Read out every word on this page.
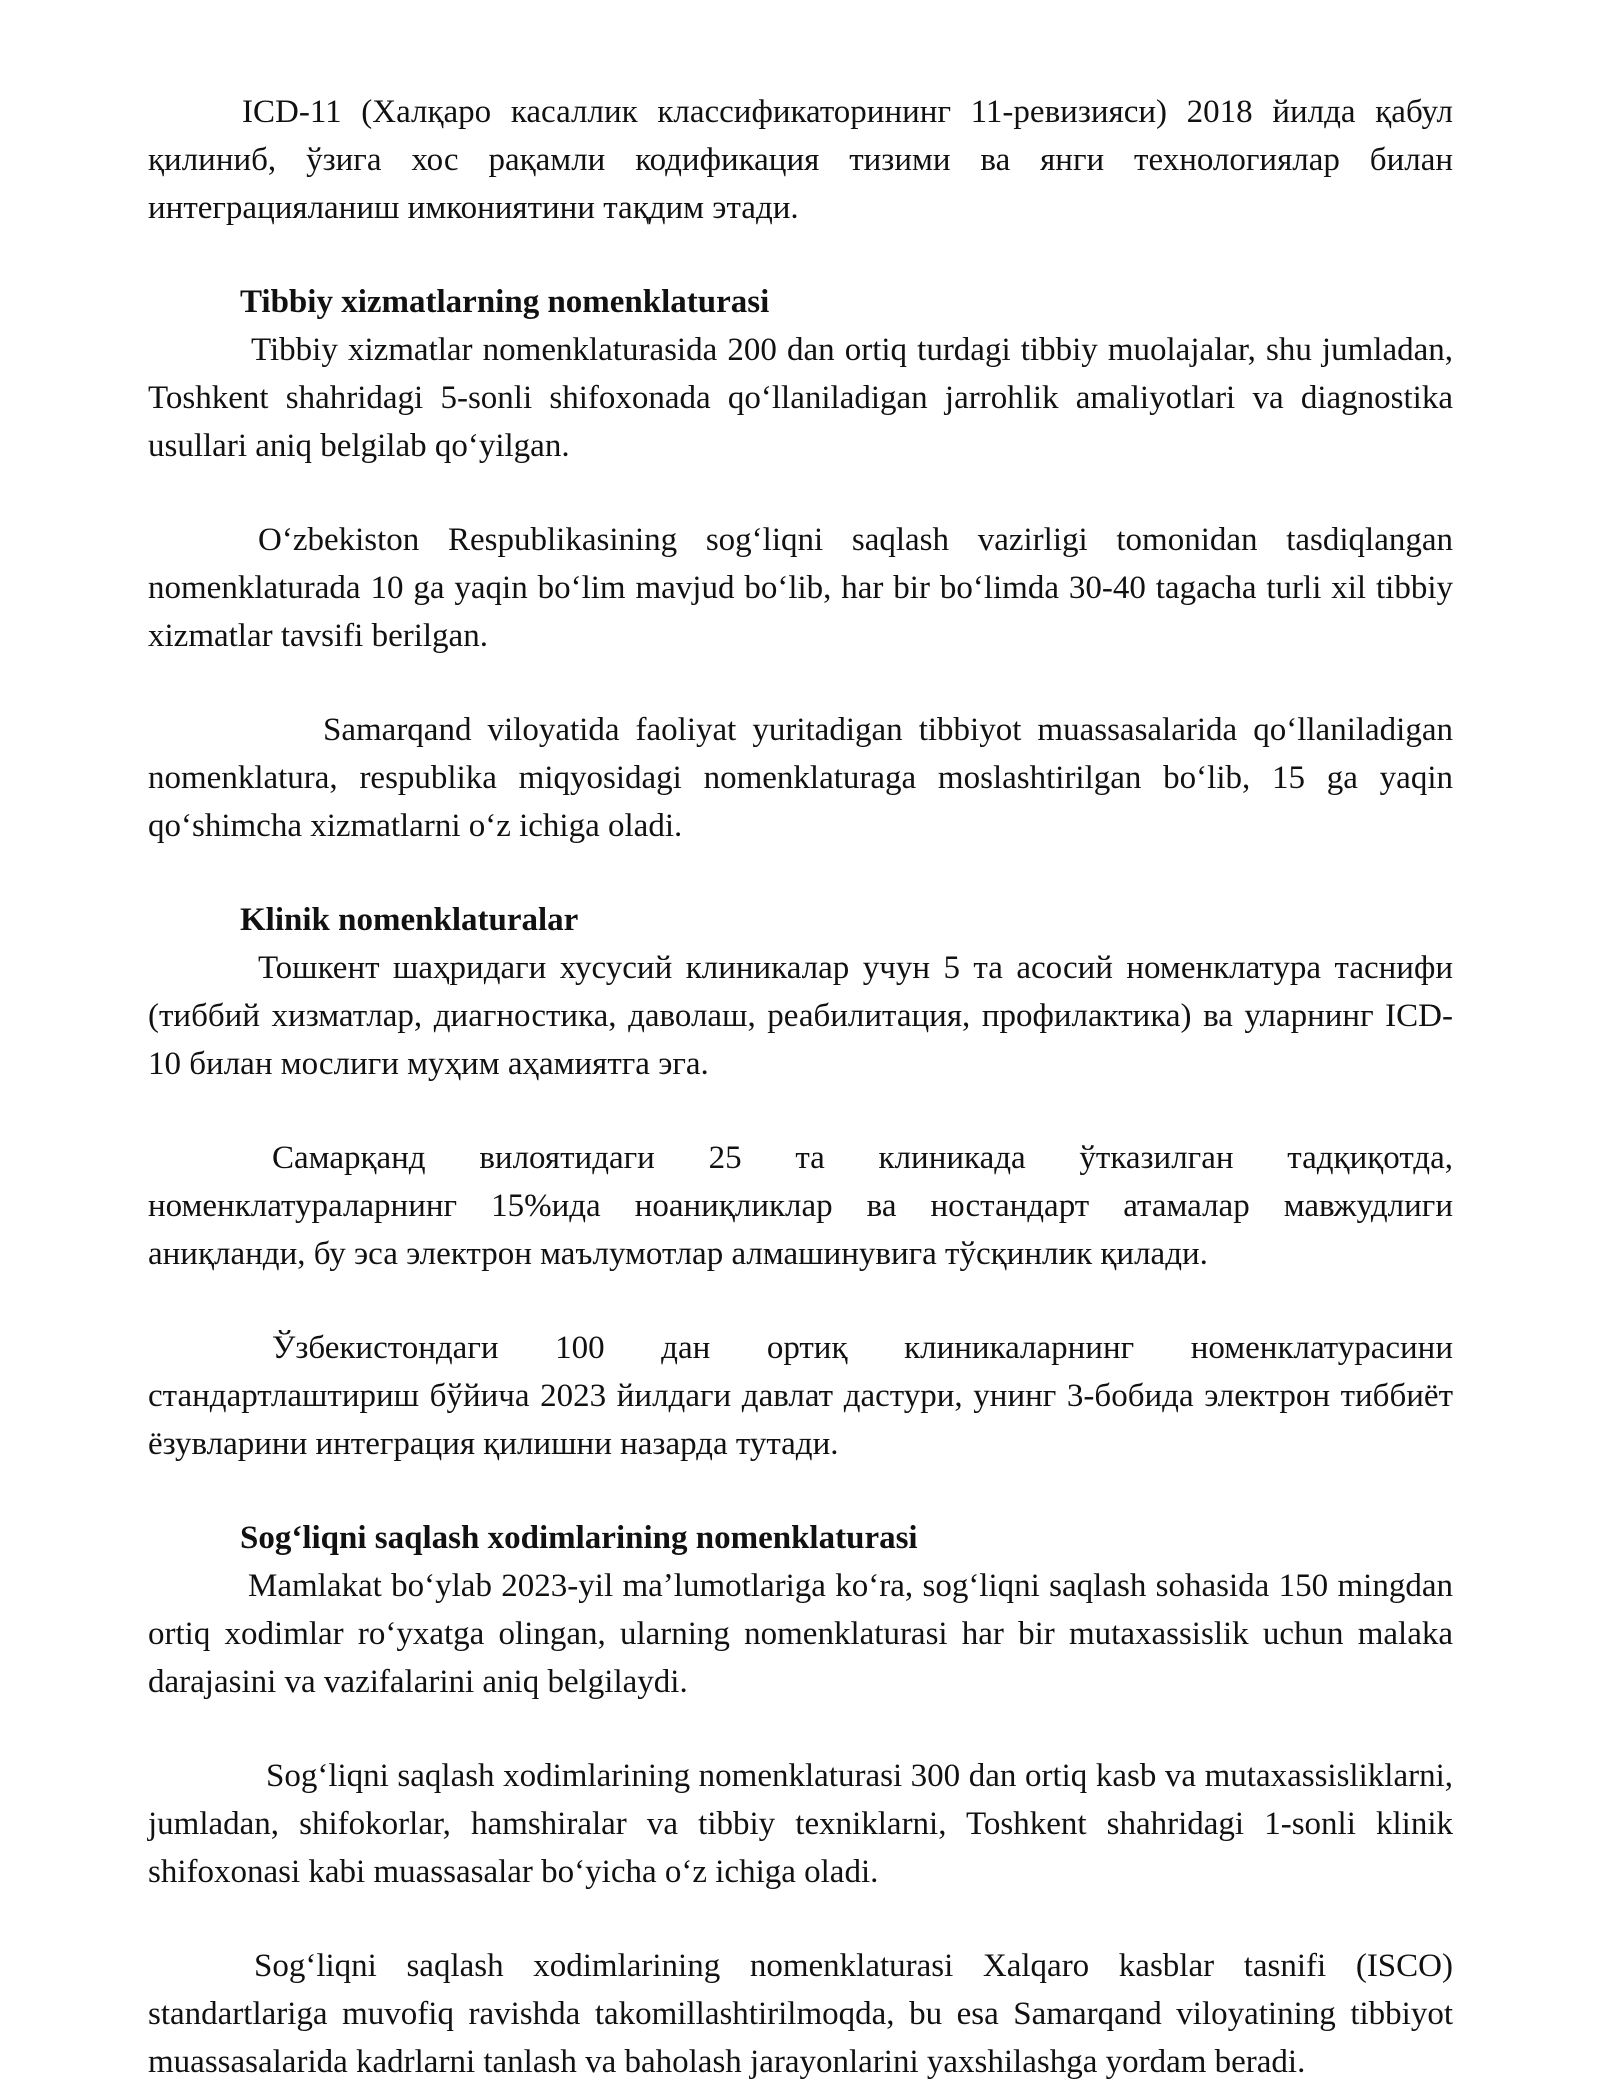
ICD-11 (Халқаро касаллик классификаторининг 11-ревизияси) 2018 йилда қабул қилиниб, ўзига хос рақамли кодификация тизими ва янги технологиялар билан интеграцияланиш имкониятини тақдим этади.

Tibbiy xizmatlarning nomenklaturasi

Tibbiy xizmatlar nomenklaturasida 200 dan ortiq turdagi tibbiy muolajalar, shu jumladan, Toshkent shahridagi 5-sonli shifoxonada qoʻllaniladigan jarrohlik amaliyotlari va diagnostika usullari aniq belgilab qoʻyilgan.

Oʻzbekiston Respublikasining sogʻliqni saqlash vazirligi tomonidan tasdiqlangan nomenklaturada 10 ga yaqin boʻlim mavjud boʻlib, har bir boʻlimda 30-40 tagacha turli xil tibbiy xizmatlar tavsifi berilgan.

Samarqand viloyatida faoliyat yuritadigan tibbiyot muassasalarida qoʻllaniladigan nomenklatura, respublika miqyosidagi nomenklaturaga moslashtirilgan boʻlib, 15 ga yaqin qoʻshimcha xizmatlarni oʻz ichiga oladi.

Klinik nomenklaturalar

Тошкент шаҳридаги хусусий клиникалар учун 5 та асосий номенклатура таснифи (тиббий хизматлар, диагностика, даволаш, реабилитация, профилактика) ва уларнинг ICD-10 билан мослиги муҳим аҳамиятга эга.

Самарқанд вилоятидаги 25 та клиникада ўтказилган тадқиқотда, номенклатураларнинг 15%ида ноаниқликлар ва ностандарт атамалар мавжудлиги аниқланди, бу эса электрон маълумотлар алмашинувига тўсқинлик қилади.

Ўзбекистондаги 100 дан ортиқ клиникаларнинг номенклатурасини стандартлаштириш бўйича 2023 йилдаги давлат дастури, унинг 3-бобида электрон тиббиёт ёзувларини интеграция қилишни назарда тутади.

Sogʻliqni saqlash xodimlarining nomenklaturasi

Mamlakat boʻylab 2023-yil maʼlumotlariga koʻra, sogʻliqni saqlash sohasida 150 mingdan ortiq xodimlar roʻyxatga olingan, ularning nomenklaturasi har bir mutaxassislik uchun malaka darajasini va vazifalarini aniq belgilaydi.

Sogʻliqni saqlash xodimlarining nomenklaturasi 300 dan ortiq kasb va mutaxassisliklarni, jumladan, shifokorlar, hamshiralar va tibbiy texniklarni, Toshkent shahridagi 1-sonli klinik shifoxonasi kabi muassasalar boʻyicha oʻz ichiga oladi.

Sogʻliqni saqlash xodimlarining nomenklaturasi Xalqaro kasblar tasnifi (ISCO) standartlariga muvofiq ravishda takomillashtirilmoqda, bu esa Samarqand viloyatining tibbiyot muassasalarida kadrlarni tanlash va baholash jarayonlarini yaxshilashga yordam beradi.
